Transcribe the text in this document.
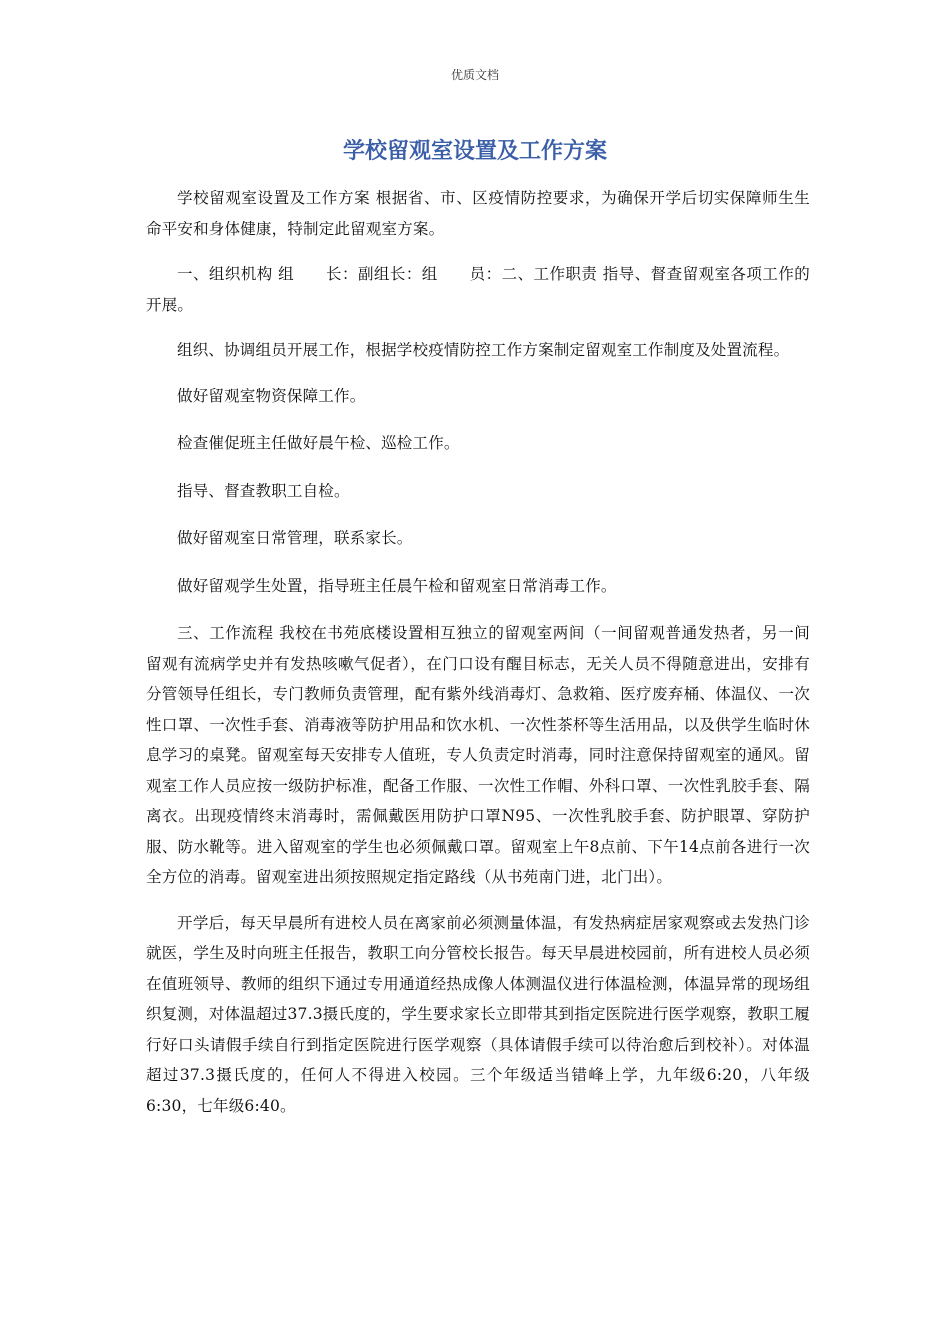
优质文档
学校留观室设置及工作方案

学校留观室设置及工作方案 根据省、市、区疫情防控要求，为确保开学后切实保障师生生命平安和身体健康，特制定此留观室方案。

一、组织机构 组　　长：副组长：组　　员：二、工作职责 指导、督查留观室各项工作的开展。

组织、协调组员开展工作，根据学校疫情防控工作方案制定留观室工作制度及处置流程。

做好留观室物资保障工作。

检查催促班主任做好晨午检、巡检工作。

指导、督查教职工自检。

做好留观室日常管理，联系家长。

做好留观学生处置，指导班主任晨午检和留观室日常消毒工作。

三、工作流程 我校在书苑底楼设置相互独立的留观室两间（一间留观普通发热者，另一间留观有流病学史并有发热咳嗽气促者），在门口设有醒目标志，无关人员不得随意进出，安排有分管领导任组长，专门教师负责管理，配有紫外线消毒灯、急救箱、医疗废弃桶、体温仪、一次性口罩、一次性手套、消毒液等防护用品和饮水机、一次性茶杯等生活用品，以及供学生临时休息学习的桌凳。留观室每天安排专人值班，专人负责定时消毒，同时注意保持留观室的通风。留观室工作人员应按一级防护标准，配备工作服、一次性工作帽、外科口罩、一次性乳胶手套、隔离衣。出现疫情终末消毒时，需佩戴医用防护口罩N95、一次性乳胶手套、防护眼罩、穿防护服、防水靴等。进入留观室的学生也必须佩戴口罩。留观室上午8点前、下午14点前各进行一次全方位的消毒。留观室进出须按照规定指定路线（从书苑南门进，北门出）。

开学后，每天早晨所有进校人员在离家前必须测量体温，有发热病症居家观察或去发热门诊就医，学生及时向班主任报告，教职工向分管校长报告。每天早晨进校园前，所有进校人员必须在值班领导、教师的组织下通过专用通道经热成像人体测温仪进行体温检测，体温异常的现场组织复测，对体温超过37.3摄氏度的，学生要求家长立即带其到指定医院进行医学观察，教职工履行好口头请假手续自行到指定医院进行医学观察（具体请假手续可以待治愈后到校补）。对体温超过37.3摄氏度的，任何人不得进入校园。三个年级适当错峰上学，九年级6:20，八年级6:30，七年级6:40。
